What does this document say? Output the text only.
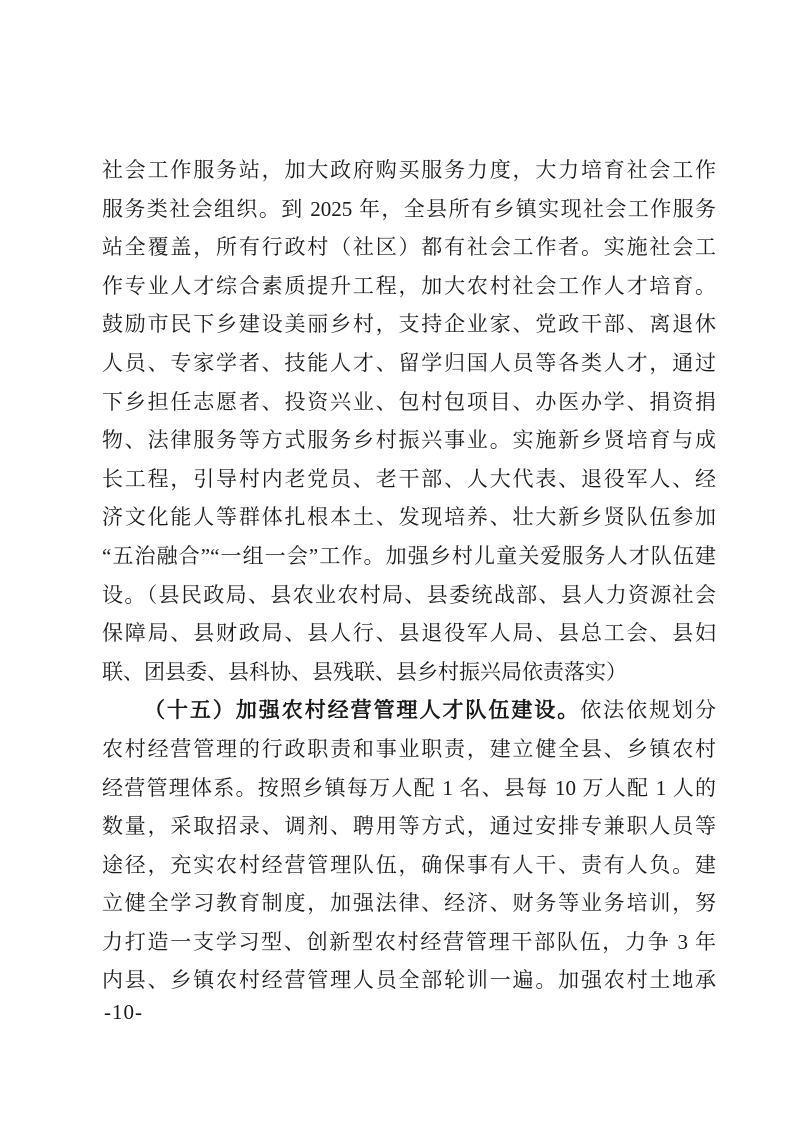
社会工作服务站，加大政府购买服务力度，大力培育社会工作
服务类社会组织。到 2025 年，全县所有乡镇实现社会工作服务
站全覆盖，所有行政村（社区）都有社会工作者。实施社会工
作专业人才综合素质提升工程，加大农村社会工作人才培育。
鼓励市民下乡建设美丽乡村，支持企业家、党政干部、离退休
人员、专家学者、技能人才、留学归国人员等各类人才，通过
下乡担任志愿者、投资兴业、包村包项目、办医办学、捐资捐
物、法律服务等方式服务乡村振兴事业。实施新乡贤培育与成
长工程，引导村内老党员、老干部、人大代表、退役军人、经
济文化能人等群体扎根本土、发现培养、壮大新乡贤队伍参加
“五治融合”“一组一会”工作。加强乡村儿童关爱服务人才队伍建
设。（县民政局、县农业农村局、县委统战部、县人力资源社会
保障局、县财政局、县人行、县退役军人局、县总工会、县妇
联、团县委、县科协、县残联、县乡村振兴局依责落实）
（十五）加强农村经营管理人才队伍建设。依法依规划分
农村经营管理的行政职责和事业职责，建立健全县、乡镇农村
经营管理体系。按照乡镇每万人配 1 名、县每 10 万人配 1 人的
数量，采取招录、调剂、聘用等方式，通过安排专兼职人员等
途径，充实农村经营管理队伍，确保事有人干、责有人负。建
立健全学习教育制度，加强法律、经济、财务等业务培训，努
力打造一支学习型、创新型农村经营管理干部队伍，力争 3 年
内县、乡镇农村经营管理人员全部轮训一遍。加强农村土地承
-10-
